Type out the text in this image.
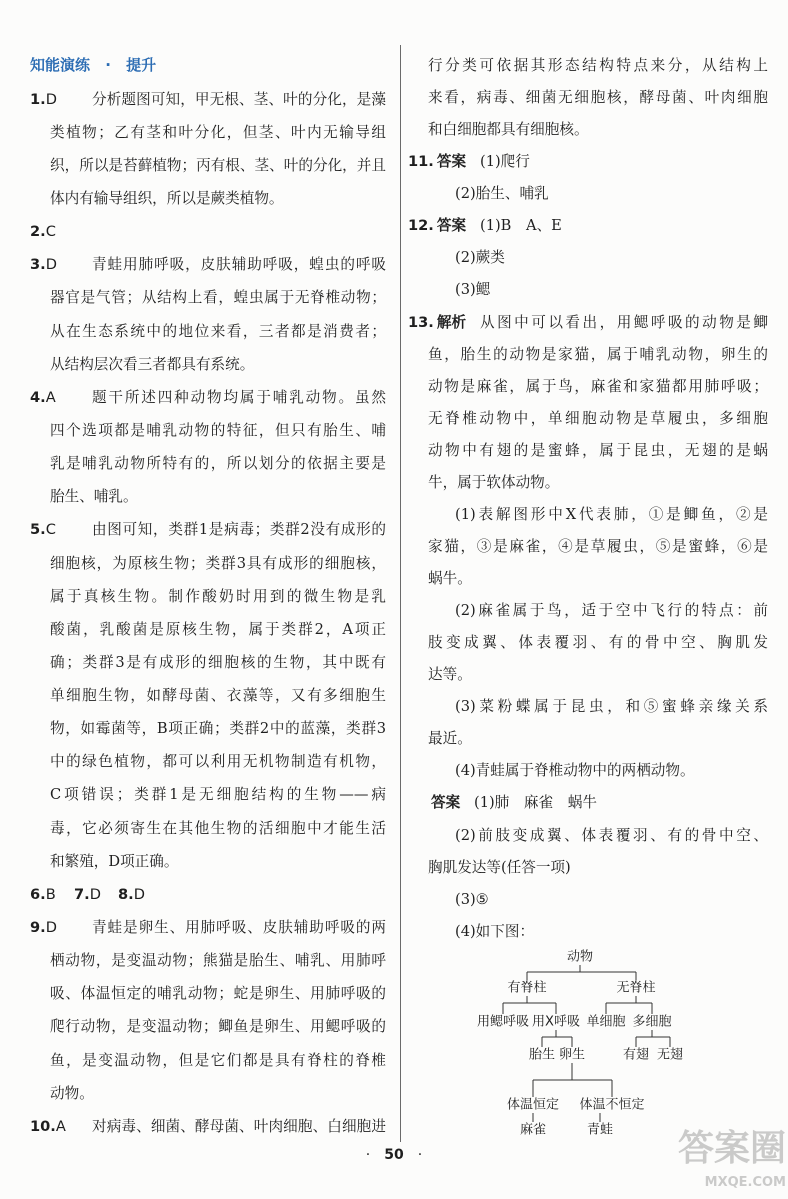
知能演练 · 提升
1.D	分析题图可知，甲无根、茎、叶的分化，是藻
类植物；乙有茎和叶分化，但茎、叶内无输导组
织，所以是苔藓植物；丙有根、茎、叶的分化，并且
体内有输导组织，所以是蕨类植物。
2.C
3.D	青蛙用肺呼吸，皮肤辅助呼吸，蝗虫的呼吸
器官是气管；从结构上看，蝗虫属于无脊椎动物；
从在生态系统中的地位来看，三者都是消费者；
从结构层次看三者都具有系统。
4.A	题干所述四种动物均属于哺乳动物。虽然
四个选项都是哺乳动物的特征，但只有胎生、哺
乳是哺乳动物所特有的，所以划分的依据主要是
胎生、哺乳。
5.C	由图可知，类群1是病毒；类群2没有成形的
细胞核，为原核生物；类群3具有成形的细胞核，
属于真核生物。制作酸奶时用到的微生物是乳
酸菌，乳酸菌是原核生物，属于类群2，A项正
确；类群3是有成形的细胞核的生物，其中既有
单细胞生物，如酵母菌、衣藻等，又有多细胞生
物，如霉菌等，B项正确；类群2中的蓝藻，类群3
中的绿色植物，都可以利用无机物制造有机物，
C项错误；类群1是无细胞结构的生物——病
毒，它必须寄生在其他生物的活细胞中才能生活
和繁殖，D项正确。
6.B	7.D	8.D
9.D	青蛙是卵生、用肺呼吸、皮肤辅助呼吸的两
栖动物，是变温动物；熊猫是胎生、哺乳、用肺呼
吸、体温恒定的哺乳动物；蛇是卵生、用肺呼吸的
爬行动物，是变温动物；鲫鱼是卵生、用鳃呼吸的
鱼，是变温动物，但是它们都是具有脊柱的脊椎
动物。
10.A	对病毒、细菌、酵母菌、叶肉细胞、白细胞进
行分类可依据其形态结构特点来分，从结构上
来看，病毒、细菌无细胞核，酵母菌、叶肉细胞
和白细胞都具有细胞核。
11. 答案 (1)爬行
(2)胎生、哺乳
12. 答案 (1)B A、E
(2)蕨类
(3)鳃
13. 解析 从图中可以看出，用鳃呼吸的动物是鲫
鱼，胎生的动物是家猫，属于哺乳动物，卵生的
动物是麻雀，属于鸟，麻雀和家猫都用肺呼吸；
无脊椎动物中，单细胞动物是草履虫，多细胞
动物中有翅的是蜜蜂，属于昆虫，无翅的是蜗
牛，属于软体动物。
(1)表解图形中X代表肺，①是鲫鱼，②是
家猫，③是麻雀，④是草履虫，⑤是蜜蜂，⑥是
蜗牛。
(2)麻雀属于鸟，适于空中飞行的特点：前
肢变成翼、体表覆羽、有的骨中空、胸肌发
达等。
(3)菜粉蝶属于昆虫，和⑤蜜蜂亲缘关系
最近。
(4)青蛙属于脊椎动物中的两栖动物。
答案 (1)肺 麻雀 蜗牛
(2)前肢变成翼、体表覆羽、有的骨中空、
胸肌发达等(任答一项)
(3)⑤
(4)如下图：
动物
有脊柱	无脊柱
用鳃呼吸 用X呼吸 单细胞 多细胞
胎生 卵生	有翅 无翅
体温恒定 体温不恒定
麻雀	青蛙
· 50 ·	答案圈
MXQE.COM
